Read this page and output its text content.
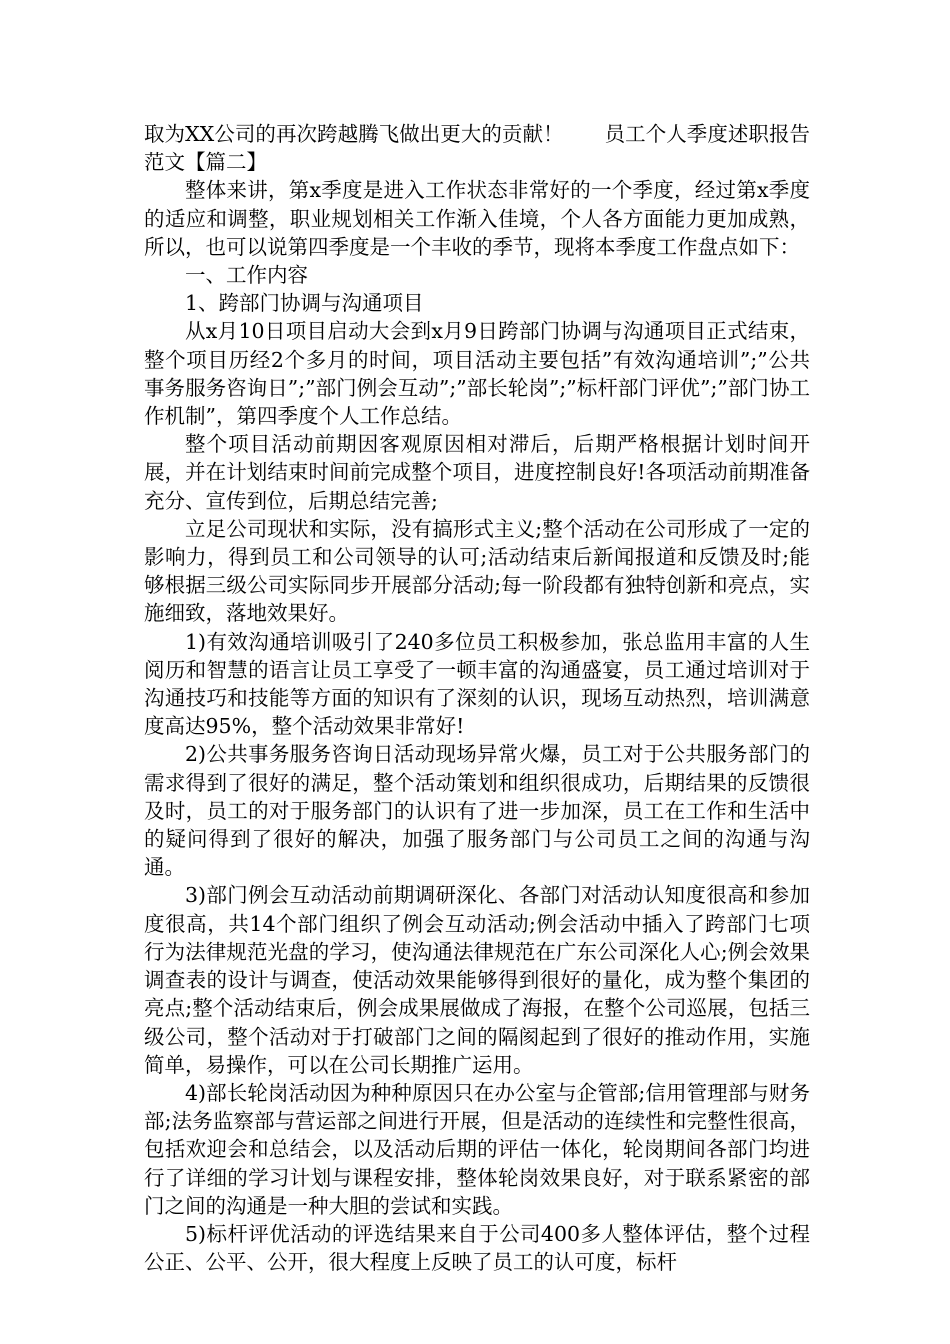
取为XX公司的再次跨越腾飞做出更大的贡献！　　员工个人季度述职报告范文【篇二】

整体来讲，第x季度是进入工作状态非常好的一个季度，经过第x季度的适应和调整，职业规划相关工作渐入佳境，个人各方面能力更加成熟，所以，也可以说第四季度是一个丰收的季节，现将本季度工作盘点如下：

一、工作内容

1、跨部门协调与沟通项目

从x月10日项目启动大会到x月9日跨部门协调与沟通项目正式结束，整个项目历经2个多月的时间，项目活动主要包括”有效沟通培训”;”公共事务服务咨询日”;”部门例会互动”;”部长轮岗”;”标杆部门评优”;”部门协工作机制”，第四季度个人工作总结。

整个项目活动前期因客观原因相对滞后，后期严格根据计划时间开展，并在计划结束时间前完成整个项目，进度控制良好!各项活动前期准备充分、宣传到位，后期总结完善;

立足公司现状和实际，没有搞形式主义;整个活动在公司形成了一定的影响力，得到员工和公司领导的认可;活动结束后新闻报道和反馈及时;能够根据三级公司实际同步开展部分活动;每一阶段都有独特创新和亮点，实施细致，落地效果好。

1)有效沟通培训吸引了240多位员工积极参加，张总监用丰富的人生阅历和智慧的语言让员工享受了一顿丰富的沟通盛宴，员工通过培训对于沟通技巧和技能等方面的知识有了深刻的认识，现场互动热烈，培训满意度高达95%，整个活动效果非常好!

2)公共事务服务咨询日活动现场异常火爆，员工对于公共服务部门的需求得到了很好的满足，整个活动策划和组织很成功，后期结果的反馈很及时，员工的对于服务部门的认识有了进一步加深，员工在工作和生活中的疑问得到了很好的解决，加强了服务部门与公司员工之间的沟通与沟通。

3)部门例会互动活动前期调研深化、各部门对活动认知度很高和参加度很高，共14个部门组织了例会互动活动;例会活动中插入了跨部门七项行为法律规范光盘的学习，使沟通法律规范在广东公司深化人心;例会效果调查表的设计与调查，使活动效果能够得到很好的量化，成为整个集团的亮点;整个活动结束后，例会成果展做成了海报，在整个公司巡展，包括三级公司，整个活动对于打破部门之间的隔阂起到了很好的推动作用，实施简单，易操作，可以在公司长期推广运用。

4)部长轮岗活动因为种种原因只在办公室与企管部;信用管理部与财务部;法务监察部与营运部之间进行开展，但是活动的连续性和完整性很高，包括欢迎会和总结会，以及活动后期的评估一体化，轮岗期间各部门均进行了详细的学习计划与课程安排，整体轮岗效果良好，对于联系紧密的部门之间的沟通是一种大胆的尝试和实践。

5)标杆评优活动的评选结果来自于公司400多人整体评估，整个过程公正、公平、公开，很大程度上反映了员工的认可度，标杆
